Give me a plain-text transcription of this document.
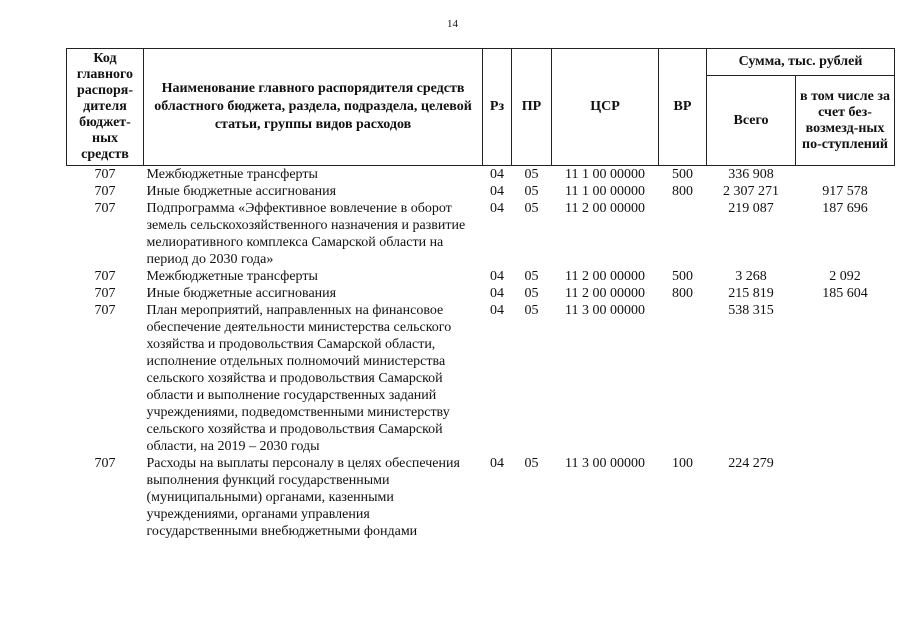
14
Код главного распоря-дителя бюджет-ных средств	Наименование главного распорядителя средств областного бюджета, раздела, подраздела, целевой статьи, группы видов расходов	Рз	ПР	ЦСР	ВР	Сумма, тыс. рублей	
						Всего	в том числе за счет без-возмезд-ных по-ступлений
707	Межбюджетные трансферты	04	05	11 1 00 00000	500	336 908	
707	Иные бюджетные ассигнования	04	05	11 1 00 00000	800	2 307 271	917 578
707	Подпрограмма «Эффективное вовлечение в оборот земель сельскохозяйственного назначения и развитие мелиоративного комплекса Самарской области на период до 2030 года»	04	05	11 2 00 00000		219 087	187 696
707	Межбюджетные трансферты	04	05	11 2 00 00000	500	3 268	2 092
707	Иные бюджетные ассигнования	04	05	11 2 00 00000	800	215 819	185 604
707	План мероприятий, направленных на финансовое обеспечение деятельности министерства сельского хозяйства и продовольствия Самарской области, исполнение отдельных полномочий министерства сельского хозяйства и продовольствия Самарской области и выполнение государственных заданий учреждениями, подведомственными министерству сельского хозяйства и продовольствия Самарской области, на 2019 – 2030 годы	04	05	11 3 00 00000		538 315	
707	Расходы на выплаты персоналу в целях обеспечения выполнения функций государственными (муниципальными) органами, казенными учреждениями, органами управления государственными внебюджетными фондами	04	05	11 3 00 00000	100	224 279	
